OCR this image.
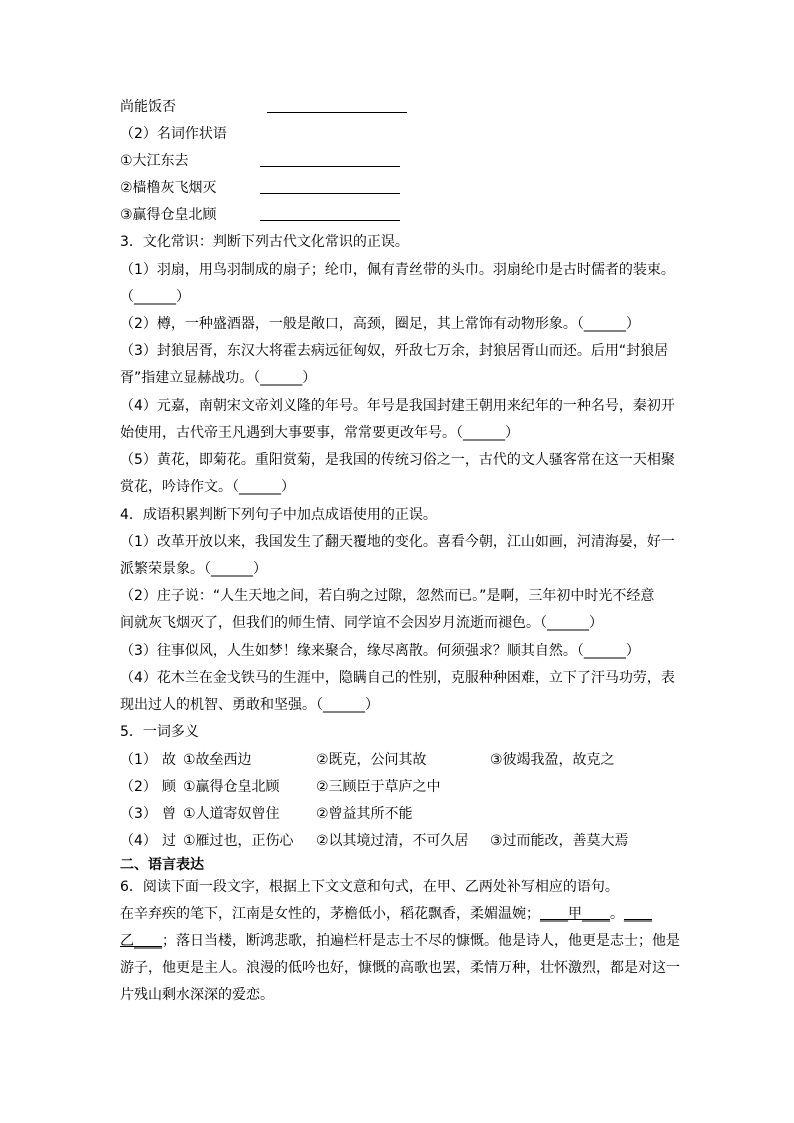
尚能饭否
（2）名词作状语
①大江东去
②樯橹灰飞烟灭
③赢得仓皇北顾
3．文化常识：判断下列古代文化常识的正误。
（1）羽扇，用鸟羽制成的扇子；纶巾，佩有青丝带的头巾。羽扇纶巾是古时儒者的装束。
（______）
（2）樽，一种盛酒器，一般是敞口，高颈，圈足，其上常饰有动物形象。（______）
（3）封狼居胥，东汉大将霍去病远征匈奴，歼敌七万余，封狼居胥山而还。后用“封狼居
胥”指建立显赫战功。（______）
（4）元嘉，南朝宋文帝刘义隆的年号。年号是我国封建王朝用来纪年的一种名号，秦初开
始使用，古代帝王凡遇到大事要事，常常要更改年号。（______）
（5）黄花，即菊花。重阳赏菊，是我国的传统习俗之一，古代的文人骚客常在这一天相聚
赏花，吟诗作文。（______）
4．成语积累判断下列句子中加点成语使用的正误。
（1）改革开放以来，我国发生了翻天覆地的变化。喜看今朝，江山如画，河清海晏，好一
派繁荣景象。（______）
（2）庄子说：“人生天地之间，若白驹之过隙，忽然而已。”是啊，三年初中时光不经意
间就灰飞烟灭了，但我们的师生情、同学谊不会因岁月流逝而褪色。（______）
（3）往事似风，人生如梦！缘来聚合，缘尽离散。何须强求？顺其自然。（______）
（4）花木兰在金戈铁马的生涯中，隐瞒自己的性别，克服种种困难，立下了汗马功劳，表
现出过人的机智、勇敢和坚强。（______）
5．一词多义
（1） 故 ①故垒西边	②既克，公问其故	③彼竭我盈，故克之
（2） 顾 ①赢得仓皇北顾	②三顾臣于草庐之中
（3） 曾 ①人道寄奴曾住	②曾益其所不能
（4） 过 ①雁过也，正伤心 ②以其境过清，不可久居 ③过而能改，善莫大焉
二、语言表达
6．阅读下面一段文字，根据上下文文意和句式，在甲、乙两处补写相应的语句。
在辛弃疾的笔下，江南是女性的，茅檐低小，稻花飘香，柔媚温婉；____甲____。____
乙____；落日当楼，断鸿悲歌，拍遍栏杆是志士不尽的慷慨。他是诗人，他更是志士；他是
游子，他更是主人。浪漫的低吟也好，慷慨的高歌也罢，柔情万种，壮怀激烈，都是对这一
片残山剩水深深的爱恋。
